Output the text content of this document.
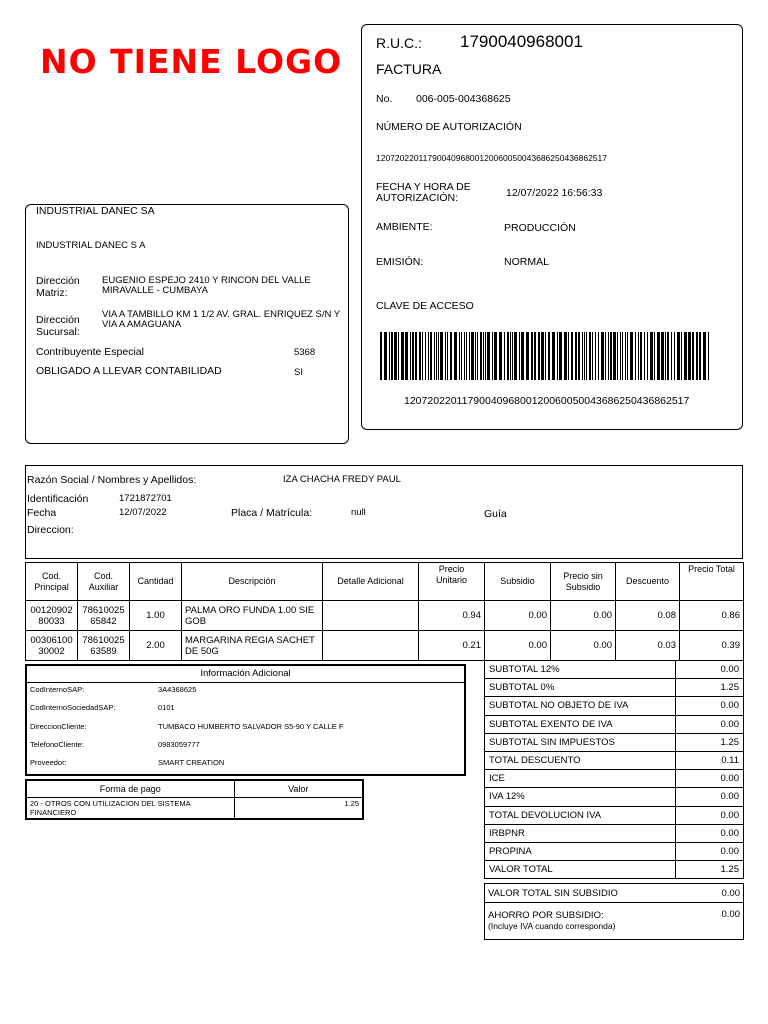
NO TIENE LOGO R.U.C.: 1790040968001
FACTURA
No. 006-005-004368625
NÚMERO DE AUTORIZACIÓN
1207202201179004096800120060050043686250436862517
FECHA Y HORA DE AUTORIZACIÓN:	12/07/2022 16:56:33
AMBIENTE:	PRODUCCIÓN
EMISIÓN:	NORMAL
CLAVE DE ACCESO
1207202201179004096800120060050043686250436862517
INDUSTRIAL DANEC SA
INDUSTRIAL DANEC S A
Dirección Matriz:
EUGENIO ESPEJO 2410 Y RINCON DEL VALLE MIRAVALLE - CUMBAYA
Dirección Sucursal:
VIA A TAMBILLO KM 1 1/2 AV. GRAL. ENRIQUEZ S/N Y VIA A AMAGUANA
Contribuyente Especial	5368
OBLIGADO A LLEVAR CONTABILIDAD	SI
Razón Social / Nombres y Apellidos:	IZA CHACHA FREDY PAUL
Identificación	1721872701
Fecha	12/07/2022	Placa / Matrícula:	null	Guía
Direccion:
Cod. Principal	Cod. Auxiliar	Cantidad	Descripción	Detalle Adicional	Precio Unitario	Subsidio	Precio sin Subsidio	Descuento	Precio Total
0012090280033	7861002565842	1.00	PALMA ORO FUNDA 1.00 SIE GOB		0.94	0.00	0.00	0.08	0.86
0030610030002	7861002563589	2.00	MARGARINA REGIA SACHET DE 50G		0.21	0.00	0.00	0.03	0.39
Información Adicional
CodInternoSAP:	3A4368625
CodInternoSociedadSAP:	0101
DireccionCliente:	TUMBACO HUMBERTO SALVADOR S5-90 Y CALLE F
TelefonoCliente:	0983059777
Proveedor:	SMART CREATION
Forma de pago	Valor
20 - OTROS CON UTILIZACION DEL SISTEMA FINANCIERO	1.25
SUBTOTAL 12%	0.00
SUBTOTAL 0%	1.25
SUBTOTAL NO OBJETO DE IVA	0.00
SUBTOTAL EXENTO DE IVA	0.00
SUBTOTAL SIN IMPUESTOS	1.25
TOTAL DESCUENTO	0.11
ICE	0.00
IVA 12%	0.00
TOTAL DEVOLUCION IVA	0.00
IRBPNR	0.00
PROPINA	0.00
VALOR TOTAL	1.25
VALOR TOTAL SIN SUBSIDIO	0.00

AHORRO POR SUBSIDIO:
(Incluye IVA cuando corresponda)	0.00
